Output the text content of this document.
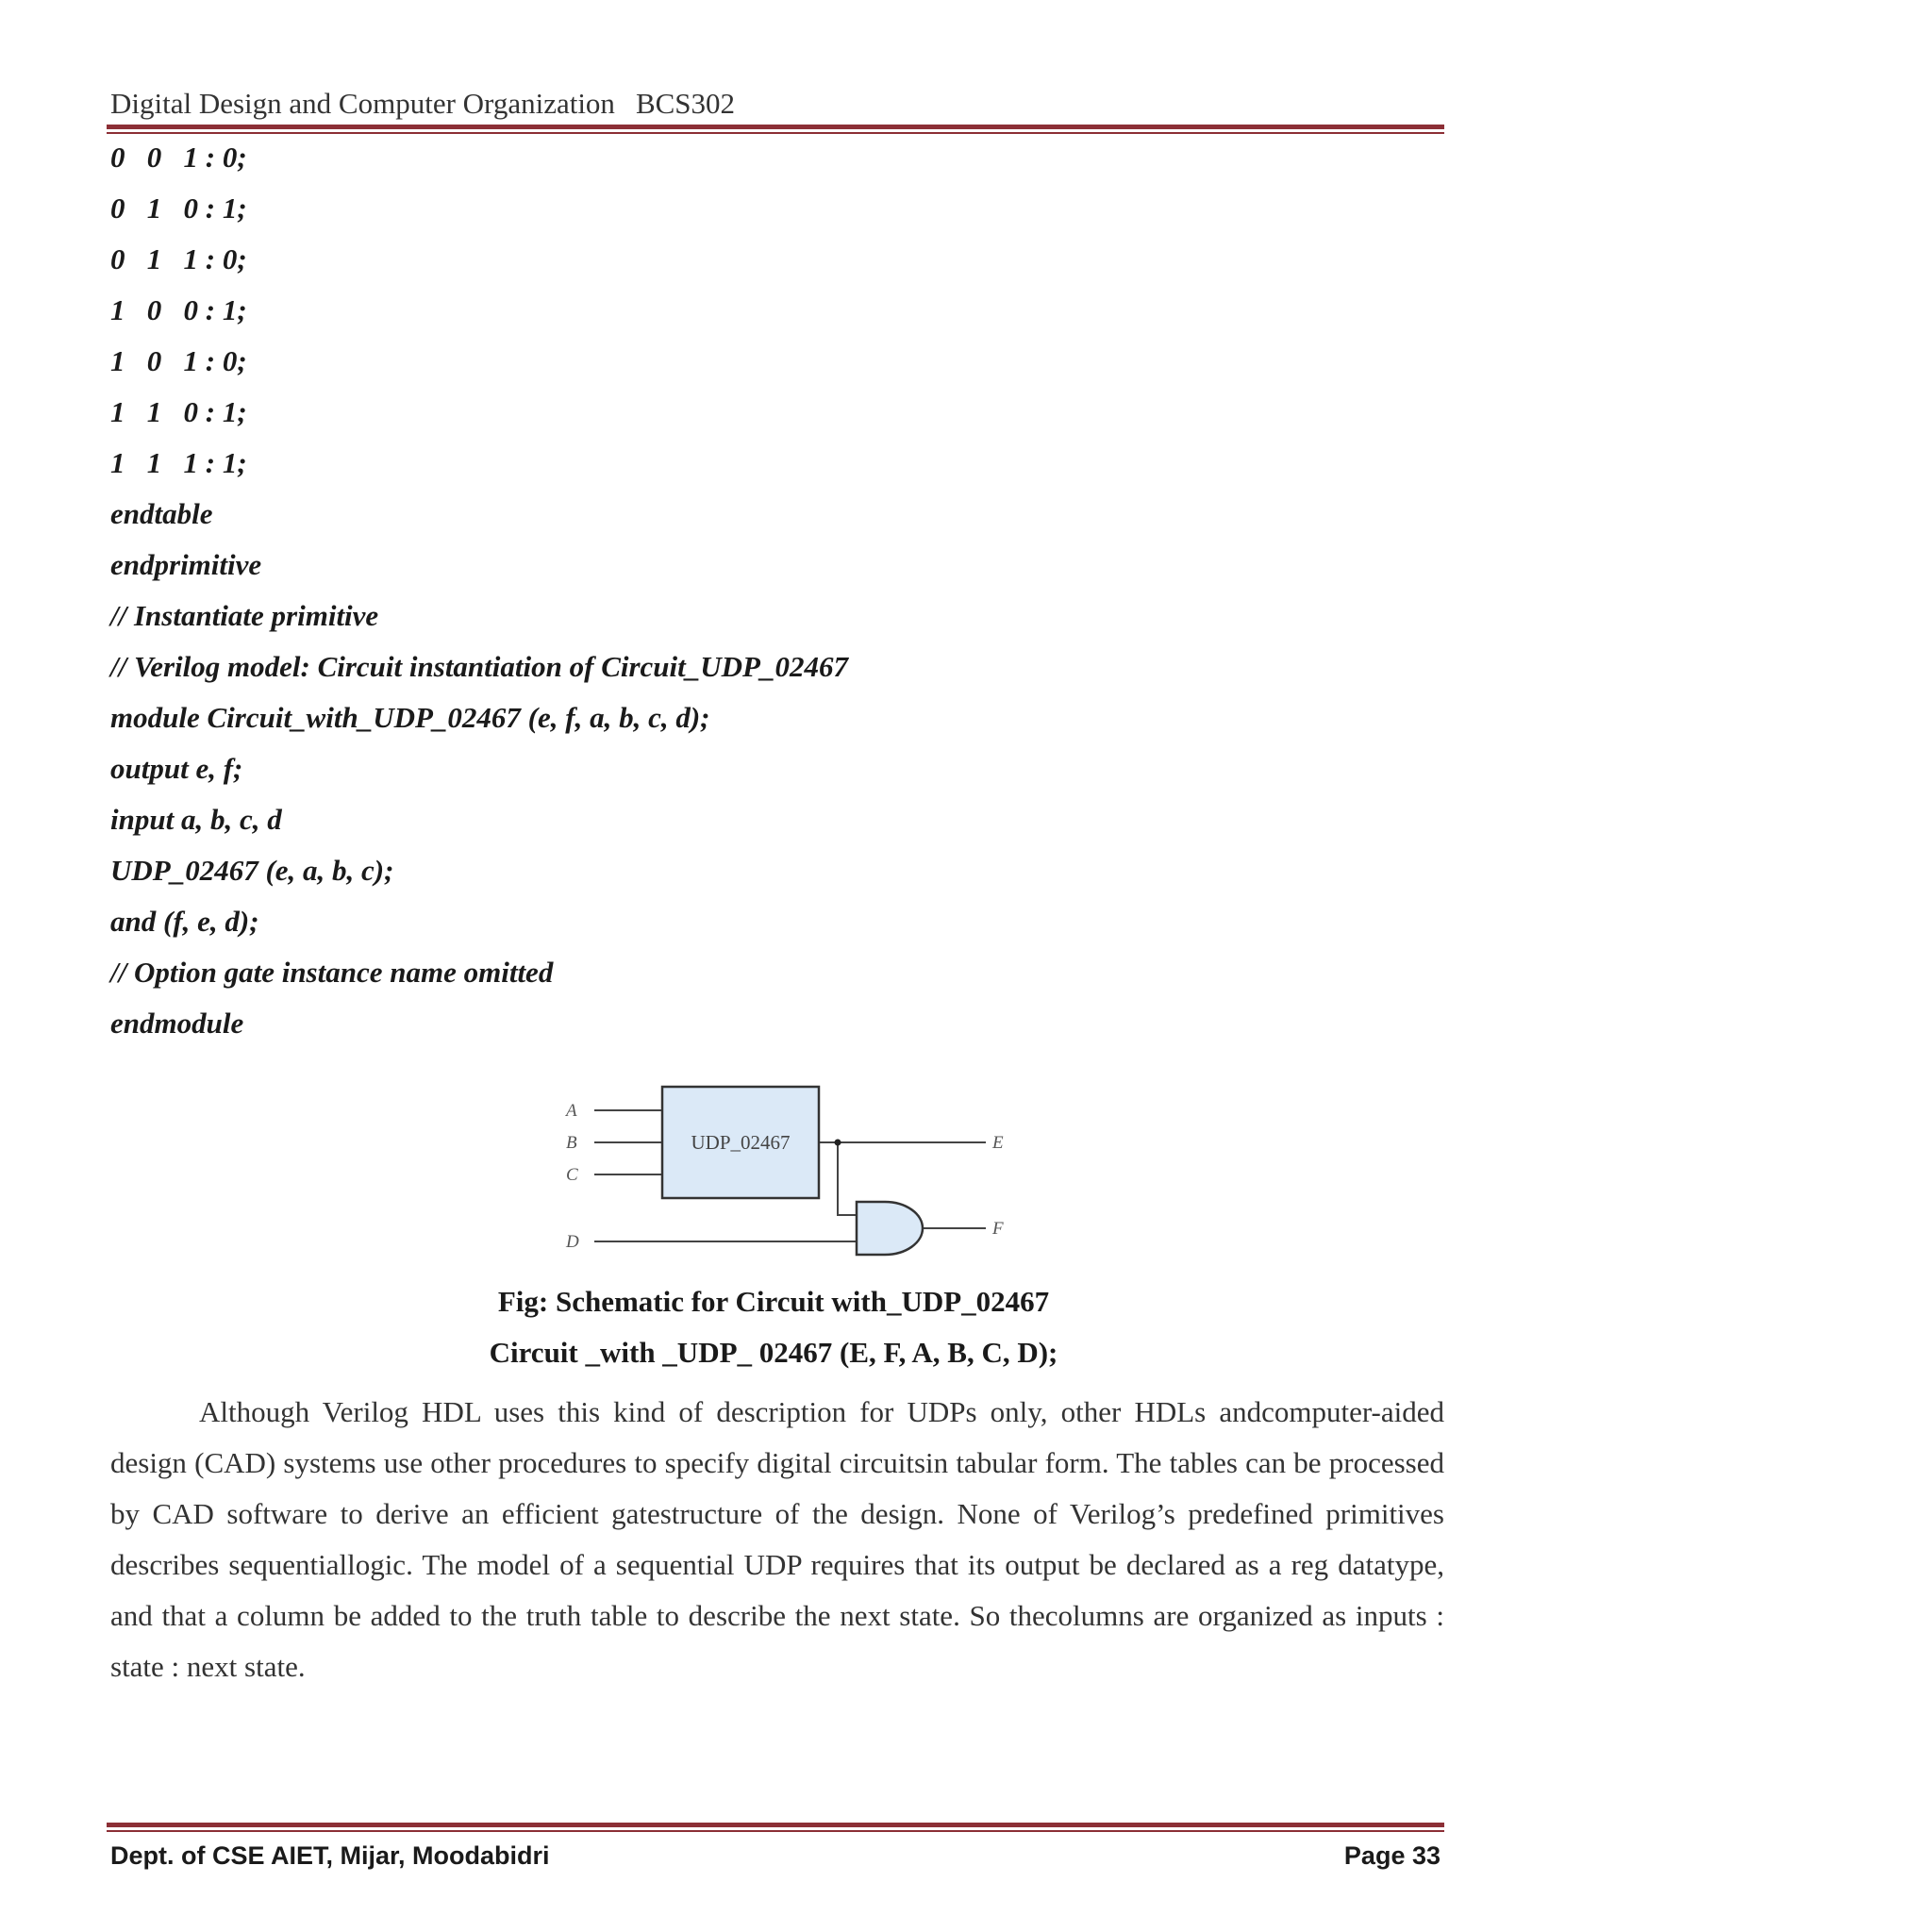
Digital Design and Computer Organization BCS302
0   0   1 : 0;
0   1   0 : 1;
0   1   1 : 0;
1   0   0 : 1;
1   0   1 : 0;
1   1   0 : 1;
1   1   1 : 1;
endtable
endprimitive
// Instantiate primitive
// Verilog model: Circuit instantiation of Circuit_UDP_02467
module Circuit_with_UDP_02467 (e, f, a, b, c, d);
output e, f;
input a, b, c, d
UDP_02467 (e, a, b, c);
and (f, e, d);
// Option gate instance name omitted
endmodule
A
B
C
D
E
F
UDP_02467
Fig: Schematic for Circuit with_UDP_02467
Circuit _with _UDP_ 02467 (E, F, A, B, C, D);

Although Verilog HDL uses this kind of description for UDPs only, other HDLs andcomputer-aided design (CAD) systems use other procedures to specify digital circuitsin tabular form. The tables can be processed by CAD software to derive an efficient gatestructure of the design. None of Verilog’s predefined primitives describes sequentiallogic. The model of a sequential UDP requires that its output be declared as a reg datatype, and that a column be added to the truth table to describe the next state. So thecolumns are organized as inputs : state : next state.

Dept. of CSE AIET, Mijar, Moodabidri	Page 33
